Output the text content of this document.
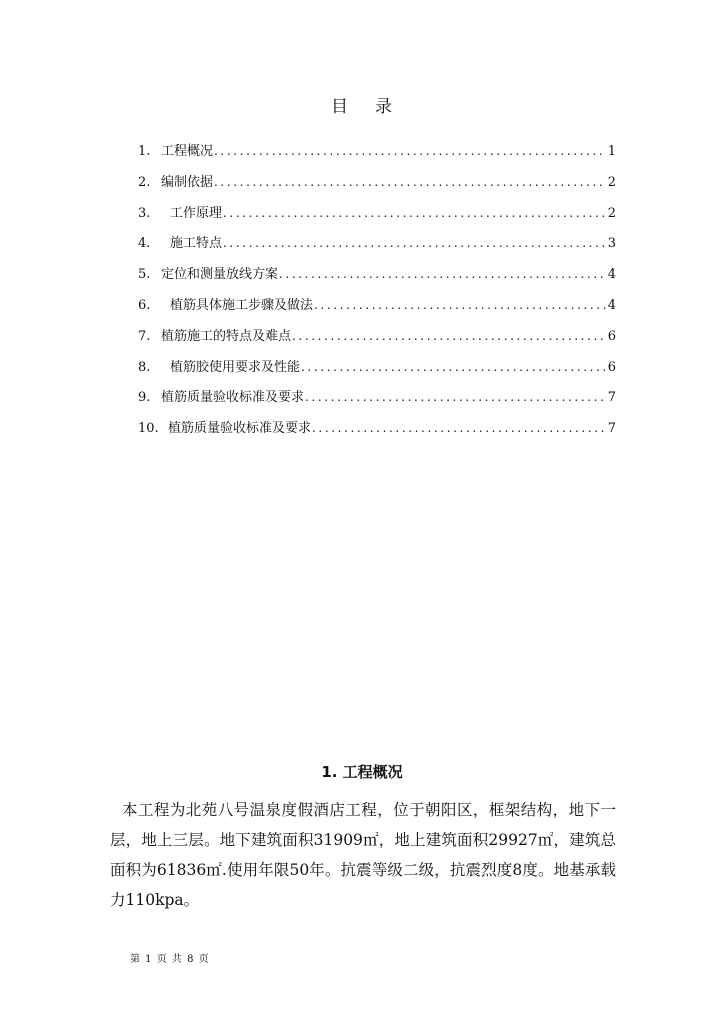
目 录
1. 工程概况 .....	1
2. 编制依据 .....	2
3.	工作原理 .....	2
4.	施工特点 .....	3
5. 定位和测量放线方案 .....	4
6.	植筋具体施工步骤及做法 .....	4
7. 植筋施工的特点及难点 .....	6
8.	植筋胶使用要求及性能 .....	6
9. 植筋质量验收标准及要求 .....	7
10. 植筋质量验收标准及要求 .....	7
1. 工程概况

本工程为北苑八号温泉度假酒店工程，位于朝阳区，框架结构，地下一层，地上三层。地下建筑面积31909㎡，地上建筑面积29927㎡，建筑总面积为61836㎡.使用年限50年。抗震等级二级，抗震烈度8度。地基承载力110kpa。

第 1 页 共 8 页
